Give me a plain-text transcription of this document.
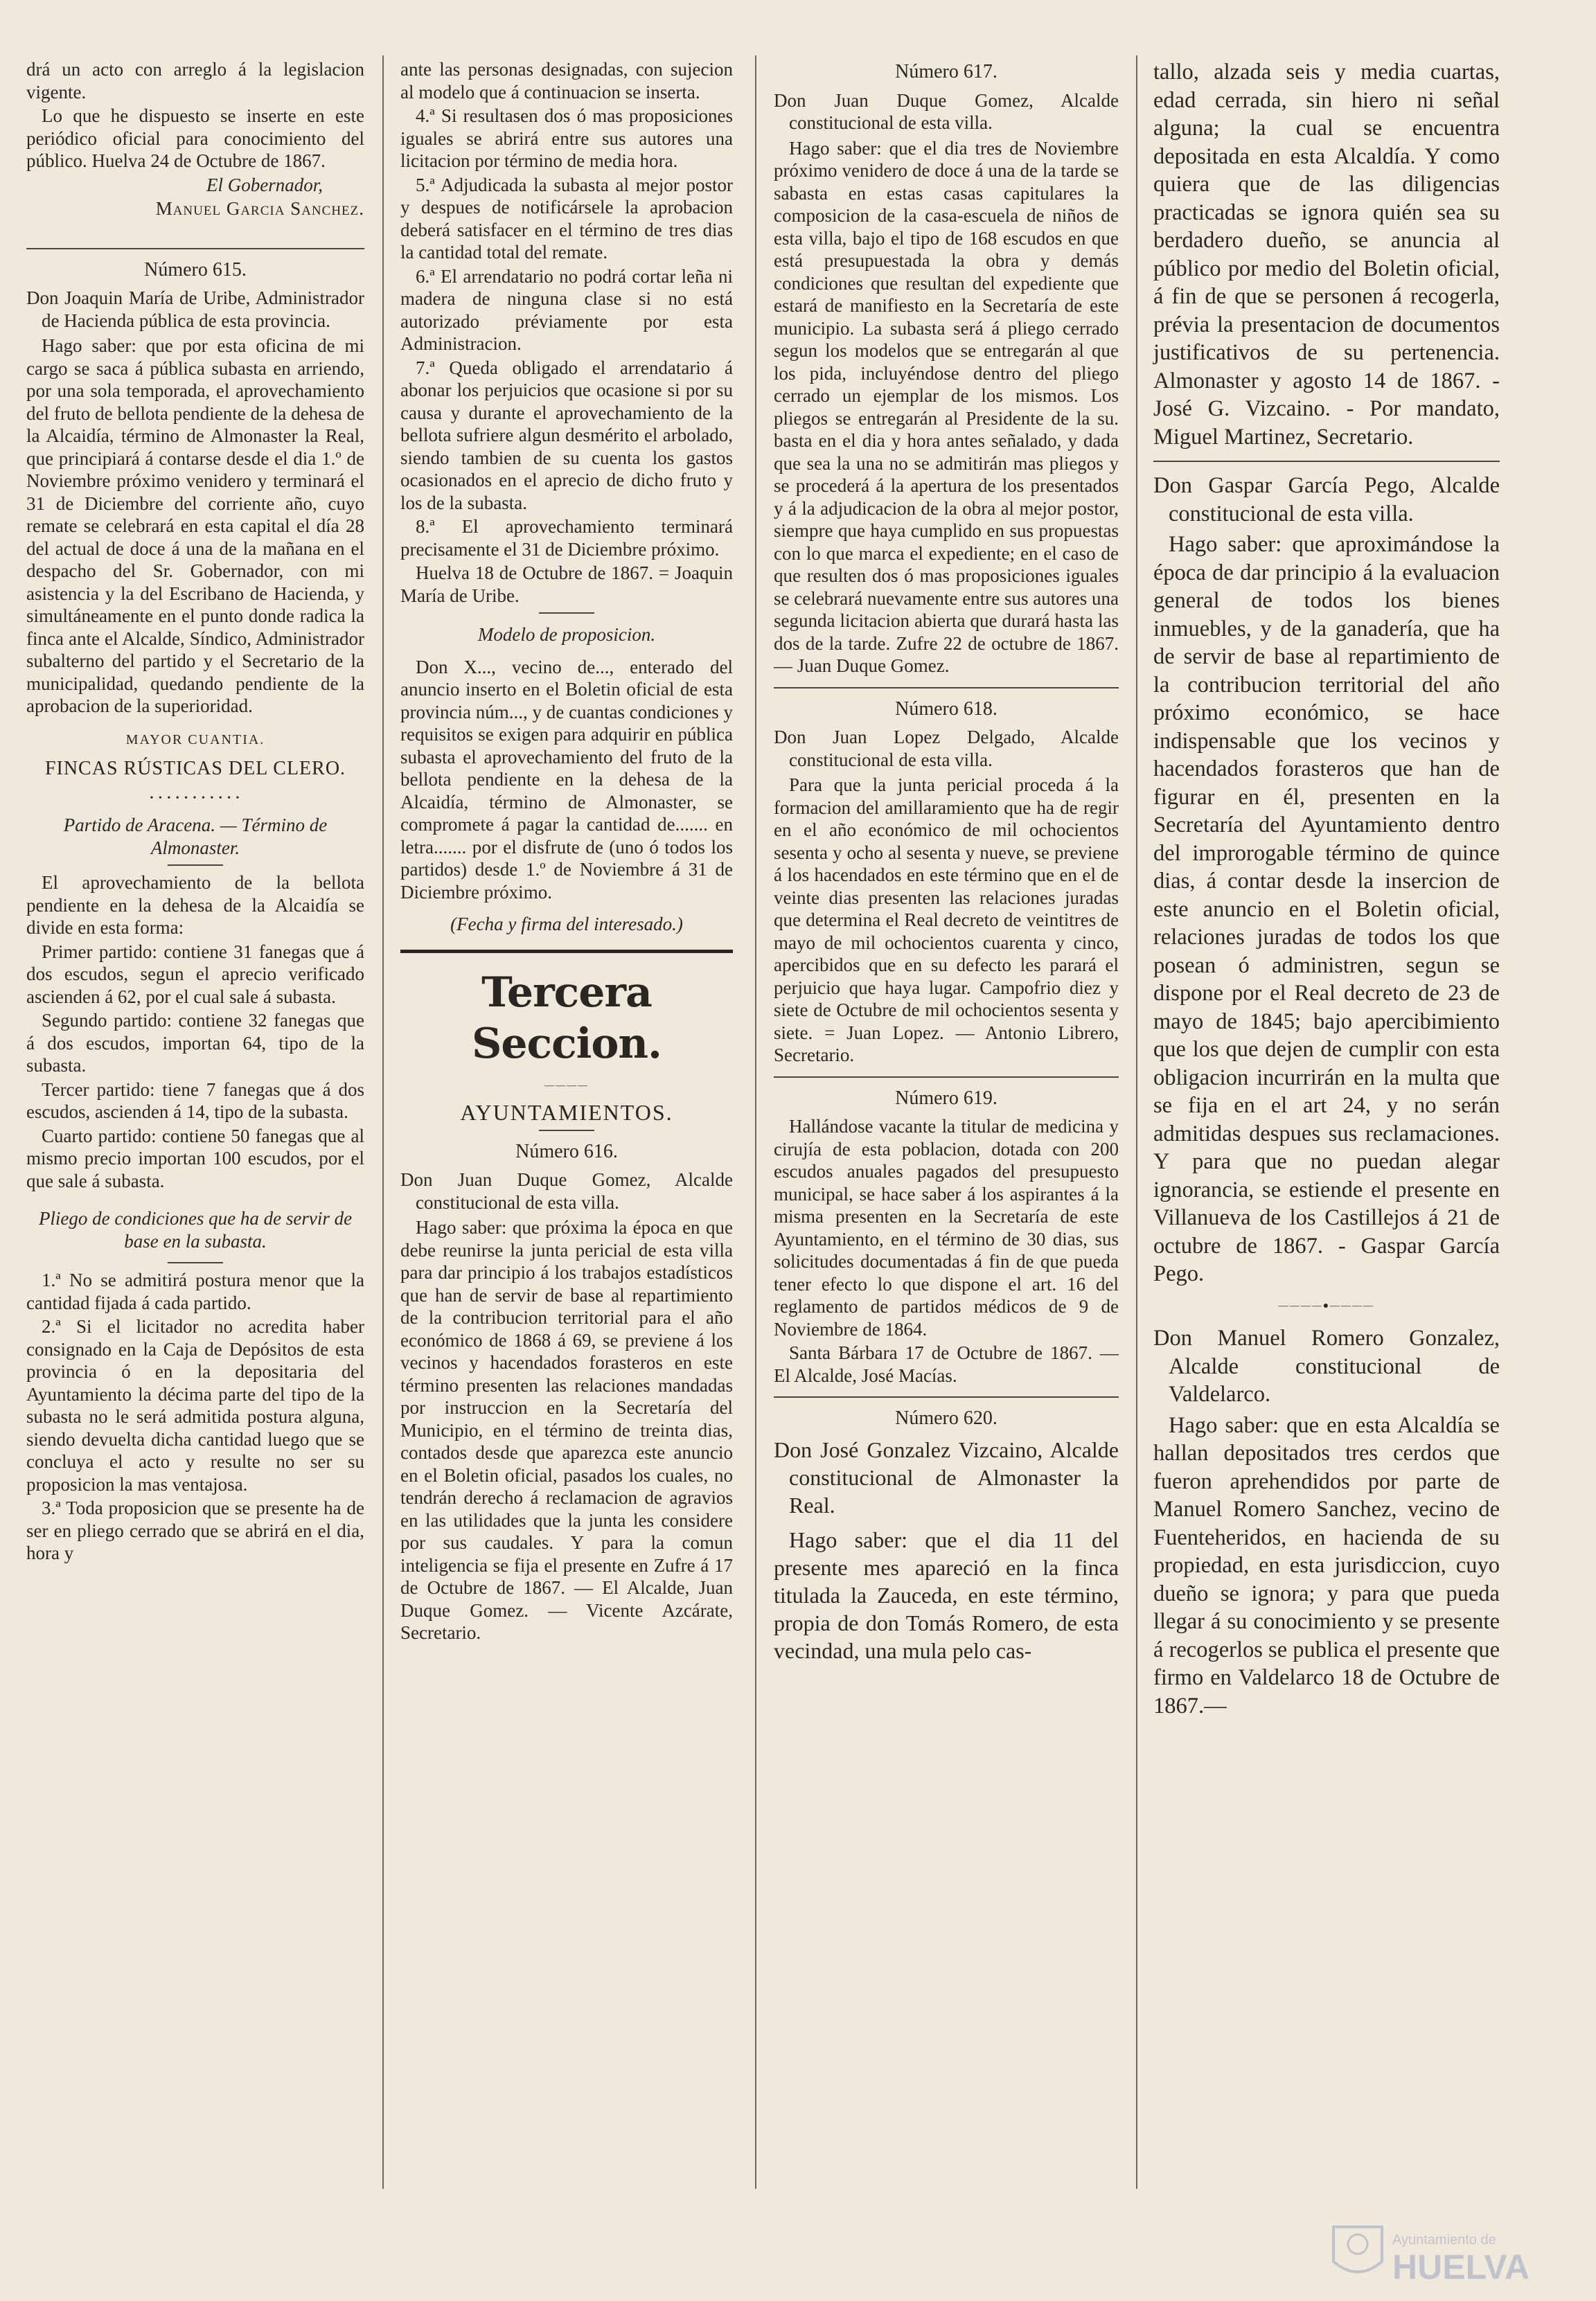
drá un acto con arreglo á la legislacion vigente.

Lo que he dispuesto se inserte en este periódico oficial para conocimiento del público. Huelva 24 de Octubre de 1867.

El Gobernador,

Manuel Garcia Sanchez.

Número 615.

Don Joaquin María de Uribe, Administrador de Hacienda pública de esta provincia.

Hago saber: que por esta oficina de mi cargo se saca á pública subasta en arriendo, por una sola temporada, el aprovechamiento del fruto de bellota pendiente de la dehesa de la Alcaidía, término de Almonaster la Real, que principiará á contarse desde el dia 1.º de Noviembre próximo venidero y terminará el 31 de Diciembre del corriente año, cuyo remate se celebrará en esta capital el día 28 del actual de doce á una de la mañana en el despacho del Sr. Gobernador, con mi asistencia y la del Escribano de Hacienda, y simultáneamente en el punto donde radica la finca ante el Alcalde, Síndico, Administrador subalterno del partido y el Secretario de la municipalidad, quedando pendiente de la aprobacion de la superioridad.

MAYOR CUANTIA.
FINCAS RÚSTICAS DEL CLERO.
• • • • • • • • • • •

Partido de Aracena. — Término de Almonaster.

El aprovechamiento de la bellota pendiente en la dehesa de la Alcaidía se divide en esta forma:

Primer partido: contiene 31 fanegas que á dos escudos, segun el aprecio verificado ascienden á 62, por el cual sale á subasta.

Segundo partido: contiene 32 fanegas que á dos escudos, importan 64, tipo de la subasta.

Tercer partido: tiene 7 fanegas que á dos escudos, ascienden á 14, tipo de la subasta.

Cuarto partido: contiene 50 fanegas que al mismo precio importan 100 escudos, por el que sale á subasta.

Pliego de condiciones que ha de servir de base en la subasta.

1.ª No se admitirá postura menor que la cantidad fijada á cada partido.

2.ª Si el licitador no acredita haber consignado en la Caja de Depósitos de esta provincia ó en la depositaria del Ayuntamiento la décima parte del tipo de la subasta no le será admitida postura alguna, siendo devuelta dicha cantidad luego que se concluya el acto y resulte no ser su proposicion la mas ventajosa.

3.ª Toda proposicion que se presente ha de ser en pliego cerrado que se abrirá en el dia, hora y

ante las personas designadas, con sujecion al modelo que á continuacion se inserta.

4.ª Si resultasen dos ó mas proposiciones iguales se abrirá entre sus autores una licitacion por término de media hora.

5.ª Adjudicada la subasta al mejor postor y despues de notificársele la aprobacion deberá satisfacer en el término de tres dias la cantidad total del remate.

6.ª El arrendatario no podrá cortar leña ni madera de ninguna clase si no está autorizado préviamente por esta Administracion.

7.ª Queda obligado el arrendatario á abonar los perjuicios que ocasione si por su causa y durante el aprovechamiento de la bellota sufriere algun desmérito el arbolado, siendo tambien de su cuenta los gastos ocasionados en el aprecio de dicho fruto y los de la subasta.

8.ª El aprovechamiento terminará precisamente el 31 de Diciembre próximo.

Huelva 18 de Octubre de 1867. = Joaquin María de Uribe.

Modelo de proposicion.

Don X..., vecino de..., enterado del anuncio inserto en el Boletin oficial de esta provincia núm..., y de cuantas condiciones y requisitos se exigen para adquirir en pública subasta el aprovechamiento del fruto de la bellota pendiente en la dehesa de la Alcaidía, término de Almonaster, se compromete á pagar la cantidad de....... en letra....... por el disfrute de (uno ó todos los partidos) desde 1.º de Noviembre á 31 de Diciembre próximo.

(Fecha y firma del interesado.)

Tercera Seccion.
————
AYUNTAMIENTOS.
Número 616.

Don Juan Duque Gomez, Alcalde constitucional de esta villa.

Hago saber: que próxima la época en que debe reunirse la junta pericial de esta villa para dar principio á los trabajos estadísticos que han de servir de base al repartimiento de la contribucion territorial para el año económico de 1868 á 69, se previene á los vecinos y hacendados forasteros en este término presenten las relaciones mandadas por instruccion en la Secretaría del Municipio, en el término de treinta dias, contados desde que aparezca este anuncio en el Boletin oficial, pasados los cuales, no tendrán derecho á reclamacion de agravios en las utilidades que la junta les considere por sus caudales. Y para la comun inteligencia se fija el presente en Zufre á 17 de Octubre de 1867. — El Alcalde, Juan Duque Gomez. — Vicente Azcárate, Secretario.

Número 617.

Don Juan Duque Gomez, Alcalde constitucional de esta villa.

Hago saber: que el dia tres de Noviembre próximo venidero de doce á una de la tarde se sabasta en estas casas capitulares la composicion de la casa-escuela de niños de esta villa, bajo el tipo de 168 escudos en que está presupuestada la obra y demás condiciones que resultan del expediente que estará de manifiesto en la Secretaría de este municipio. La subasta será á pliego cerrado segun los modelos que se entregarán al que los pida, incluyéndose dentro del pliego cerrado un ejemplar de los mismos. Los pliegos se entregarán al Presidente de la su. basta en el dia y hora antes señalado, y dada que sea la una no se admitirán mas pliegos y se procederá á la apertura de los presentados y á la adjudicacion de la obra al mejor postor, siempre que haya cumplido en sus propuestas con lo que marca el expediente; en el caso de que resulten dos ó mas proposiciones iguales se celebrará nuevamente entre sus autores una segunda licitacion abierta que durará hasta las dos de la tarde. Zufre 22 de octubre de 1867. — Juan Duque Gomez.

Número 618.

Don Juan Lopez Delgado, Alcalde constitucional de esta villa.

Para que la junta pericial proceda á la formacion del amillaramiento que ha de regir en el año económico de mil ochocientos sesenta y ocho al sesenta y nueve, se previene á los hacendados en este término que en el de veinte dias presenten las relaciones juradas que determina el Real decreto de veintitres de mayo de mil ochocientos cuarenta y cinco, apercibidos que en su defecto les parará el perjuicio que haya lugar. Campofrio diez y siete de Octubre de mil ochocientos sesenta y siete. = Juan Lopez. — Antonio Librero, Secretario.

Número 619.

Hallándose vacante la titular de medicina y cirujía de esta poblacion, dotada con 200 escudos anuales pagados del presupuesto municipal, se hace saber á los aspirantes á la misma presenten en la Secretaría de este Ayuntamiento, en el término de 30 dias, sus solicitudes documentadas á fin de que pueda tener efecto lo que dispone el art. 16 del reglamento de partidos médicos de 9 de Noviembre de 1864.

Santa Bárbara 17 de Octubre de 1867. — El Alcalde, José Macías.

Número 620.

Don José Gonzalez Vizcaino, Alcalde constitucional de Almonaster la Real.

Hago saber: que el dia 11 del presente mes apareció en la finca titulada la Zauceda, en este término, propia de don Tomás Romero, de esta vecindad, una mula pelo cas-

tallo, alzada seis y media cuartas, edad cerrada, sin hiero ni señal alguna; la cual se encuentra depositada en esta Alcaldía. Y como quiera que de las diligencias practicadas se ignora quién sea su berdadero dueño, se anuncia al público por medio del Boletin oficial, á fin de que se personen á recogerla, prévia la presentacion de documentos justificativos de su pertenencia. Almonaster y agosto 14 de 1867. - José G. Vizcaino. - Por mandato, Miguel Martinez, Secretario.

Don Gaspar García Pego, Alcalde constitucional de esta villa.

Hago saber: que aproximándose la época de dar principio á la evaluacion general de todos los bienes inmuebles, y de la ganadería, que ha de servir de base al repartimiento de la contribucion territorial del año próximo económico, se hace indispensable que los vecinos y hacendados forasteros que han de figurar en él, presenten en la Secretaría del Ayuntamiento dentro del improrogable término de quince dias, á contar desde la insercion de este anuncio en el Boletin oficial, relaciones juradas de todos los que posean ó administren, segun se dispone por el Real decreto de 23 de mayo de 1845; bajo apercibimiento que los que dejen de cumplir con esta obligacion incurrirán en la multa que se fija en el art 24, y no serán admitidas despues sus reclamaciones. Y para que no puedan alegar ignorancia, se estiende el presente en Villanueva de los Castillejos á 21 de octubre de 1867. - Gaspar García Pego.

————●————

Don Manuel Romero Gonzalez, Alcalde constitucional de Valdelarco.

Hago saber: que en esta Alcaldía se hallan depositados tres cerdos que fueron aprehendidos por parte de Manuel Romero Sanchez, vecino de Fuenteheridos, en hacienda de su propiedad, en esta jurisdiccion, cuyo dueño se ignora; y para que pueda llegar á su conocimiento y se presente á recogerlos se publica el presente que firmo en Valdelarco 18 de Octubre de 1867.—

Ayuntamiento de
HUELVA
